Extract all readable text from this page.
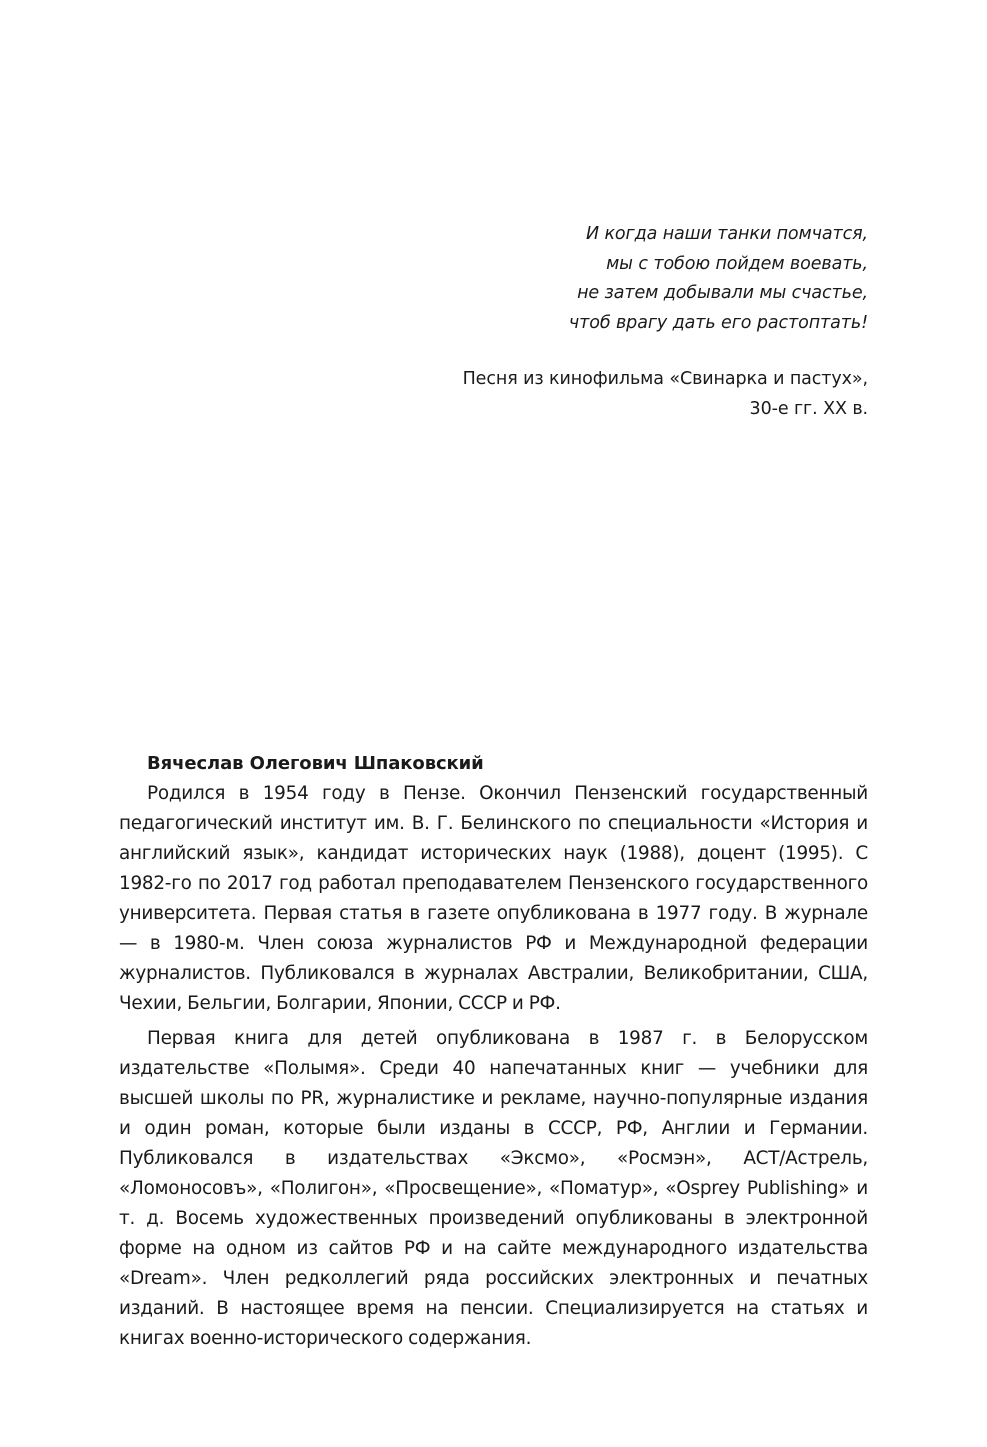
И когда наши танки помчатся,
мы с тобою пойдем воевать,
не затем добывали мы счастье,
чтоб врагу дать его растоптать!
Песня из кинофильма «Свинарка и пастух»,
30-е гг. XX в.

Вячеслав Олегович Шпаковский

Родился в 1954 году в Пензе. Окончил Пензенский государственный педагогический институт им. В. Г. Белинского по специальности «История и английский язык», кандидат исторических наук (1988), доцент (1995). С 1982-го по 2017 год работал преподавателем Пензенского государственного университета. Первая статья в газете опубликована в 1977 году. В журнале — в 1980-м. Член союза журналистов РФ и Международной федерации журналистов. Публиковался в журналах Австралии, Великобритании, США, Чехии, Бельгии, Болгарии, Японии, СССР и РФ.

Первая книга для детей опубликована в 1987 г. в Белорусском издательстве «Полымя». Среди 40 напечатанных книг — учебники для высшей школы по PR, журналистике и рекламе, научно-популярные издания и один роман, которые были изданы в СССР, РФ, Англии и Германии. Публиковался в издательствах «Эксмо», «Росмэн», АСТ/Астрель, «Ломоносовъ», «Полигон», «Просвещение», «Поматур», «Osprey Publishing» и т. д. Восемь художественных произведений опубликованы в электронной форме на одном из сайтов РФ и на сайте международного издательства «Dream». Член редколлегий ряда российских электронных и печатных изданий. В настоящее время на пенсии. Специализируется на статьях и книгах военно-исторического содержания.
